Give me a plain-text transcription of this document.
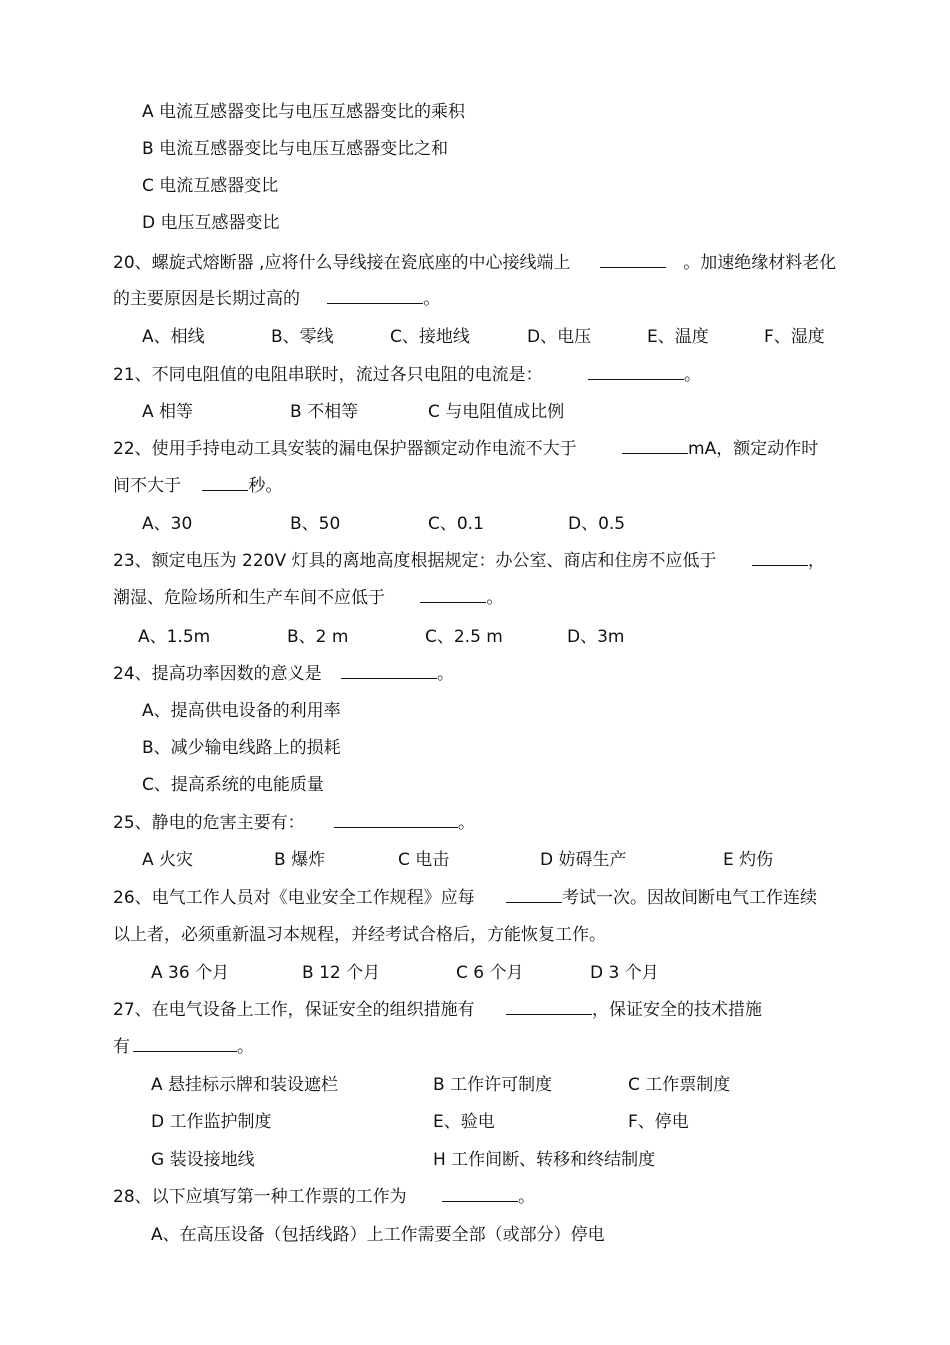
A 电流互感器变比与电压互感器变比的乘积
B 电流互感器变比与电压互感器变比之和
C 电流互感器变比
D 电压互感器变比
20、螺旋式熔断器 ,应将什么导线接在瓷底座的中心接线端上	。加速绝缘材料老化
的主要原因是长期过高的	。
A、相线	B、零线	C、接地线	D、电压	E、温度	F、湿度
21、不同电阻值的电阻串联时，流过各只电阻的电流是：	。
A 相等	B 不相等	C 与电阻值成比例
22、使用手持电动工具安装的漏电保护器额定动作电流不大于	mA，额定动作时
间不大于	秒。
A、30	B、50	C、0.1	D、0.5
23、额定电压为 220V 灯具的离地高度根据规定：办公室、商店和住房不应低于	，
潮湿、危险场所和生产车间不应低于	。
A、1.5m	B、2 m	C、2.5 m	D、3m
24、提高功率因数的意义是	。
A、提高供电设备的利用率
B、减少输电线路上的损耗
C、提高系统的电能质量
25、静电的危害主要有：	。
A 火灾	B 爆炸	C 电击	D 妨碍生产	E 灼伤
26、电气工作人员对《电业安全工作规程》应每	考试一次。因故间断电气工作连续
以上者，必须重新温习本规程，并经考试合格后，方能恢复工作。
A 36 个月	B 12 个月	C 6 个月	D 3 个月
27、在电气设备上工作，保证安全的组织措施有	，保证安全的技术措施
有	。
A 悬挂标示牌和装设遮栏	B 工作许可制度	C 工作票制度
D 工作监护制度	E、验电	F、停电
G 装设接地线	H 工作间断、转移和终结制度
28、以下应填写第一种工作票的工作为	。
A、在高压设备（包括线路）上工作需要全部（或部分）停电
